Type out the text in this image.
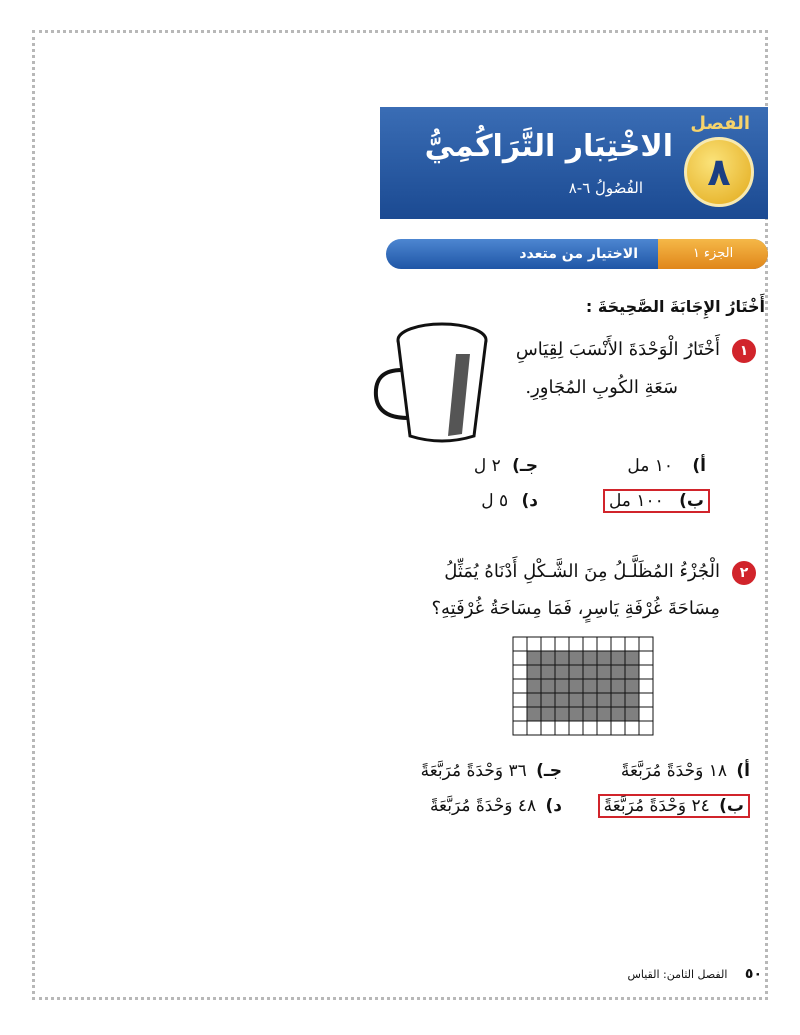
الفصل
٨
الاخْتِبَار التَّرَاكُمِيُّ
الفُصُولُ ٦-٨
الجزء ١
الاختيار من متعدد
أَخْتَارُ الإِجَابَةَ الصَّحِيحَةَ :
١
أَخْتَارُ الْوَحْدَةَ الأَنْسَبَ لِقِيَاسِ
سَعَةِ الكُوبِ المُجَاوِرِ.
أ) ١٠ مل
جـ) ٢ ل
ب) ١٠٠ مل
د) ٥ ل
٢
الْجُزْءُ المُظَلَّـلُ مِنَ الشَّـكْلِ أَدْنَاهُ يُمَثِّلُ
مِسَاحَةَ غُرْفَةِ يَاسِرٍ، فَمَا مِسَاحَةُ غُرْفَتِهِ؟
أ) ١٨ وَحْدَةً مُرَبَّعَةً
جـ) ٣٦ وَحْدَةً مُرَبَّعَةً
ب) ٢٤ وَحْدَةً مُرَبَّعَةً
د) ٤٨ وَحْدَةً مُرَبَّعَةً
٥٠ الفصل الثامن: القياس
